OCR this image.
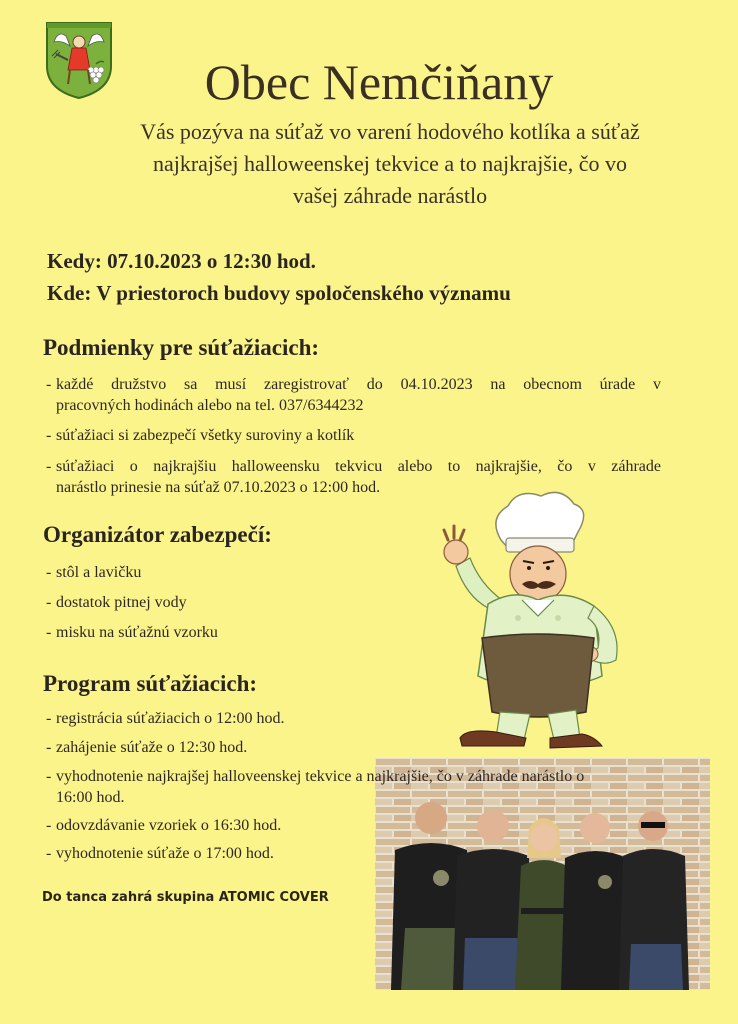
Obec Nemčiňany
Vás pozýva na súťaž vo varení hodového kotlíka a súťaž
najkrajšej halloweenskej tekvice a to najkrajšie, čo vo
vašej záhrade narástlo
Kedy: 07.10.2023 o 12:30 hod.
Kde: V priestoroch budovy spoločenského významu
Podmienky pre súťažiacich:
- každé družstvo sa musí zaregistrovať do 04.10.2023 na obecnom úrade v
pracovných hodinách alebo na tel. 037/6344232
- súťažiaci si zabezpečí všetky suroviny a kotlík
- súťažiaci o najkrajšiu halloweensku tekvicu alebo to najkrajšie, čo v záhrade
narástlo prinesie na súťaž 07.10.2023 o 12:00 hod.
Organizátor zabezpečí:
- stôl a lavičku
- dostatok pitnej vody
- misku na súťažnú vzorku
Program súťažiacich:
- registrácia súťažiacich o 12:00 hod.
- zahájenie súťaže o 12:30 hod.
- vyhodnotenie najkrajšej halloveenskej tekvice a najkrajšie, čo v záhrade narástlo o
16:00 hod.
- odovzdávanie vzoriek o 16:30 hod.
- vyhodnotenie súťaže o 17:00 hod.
Do tanca zahrá skupina ATOMIC COVER
